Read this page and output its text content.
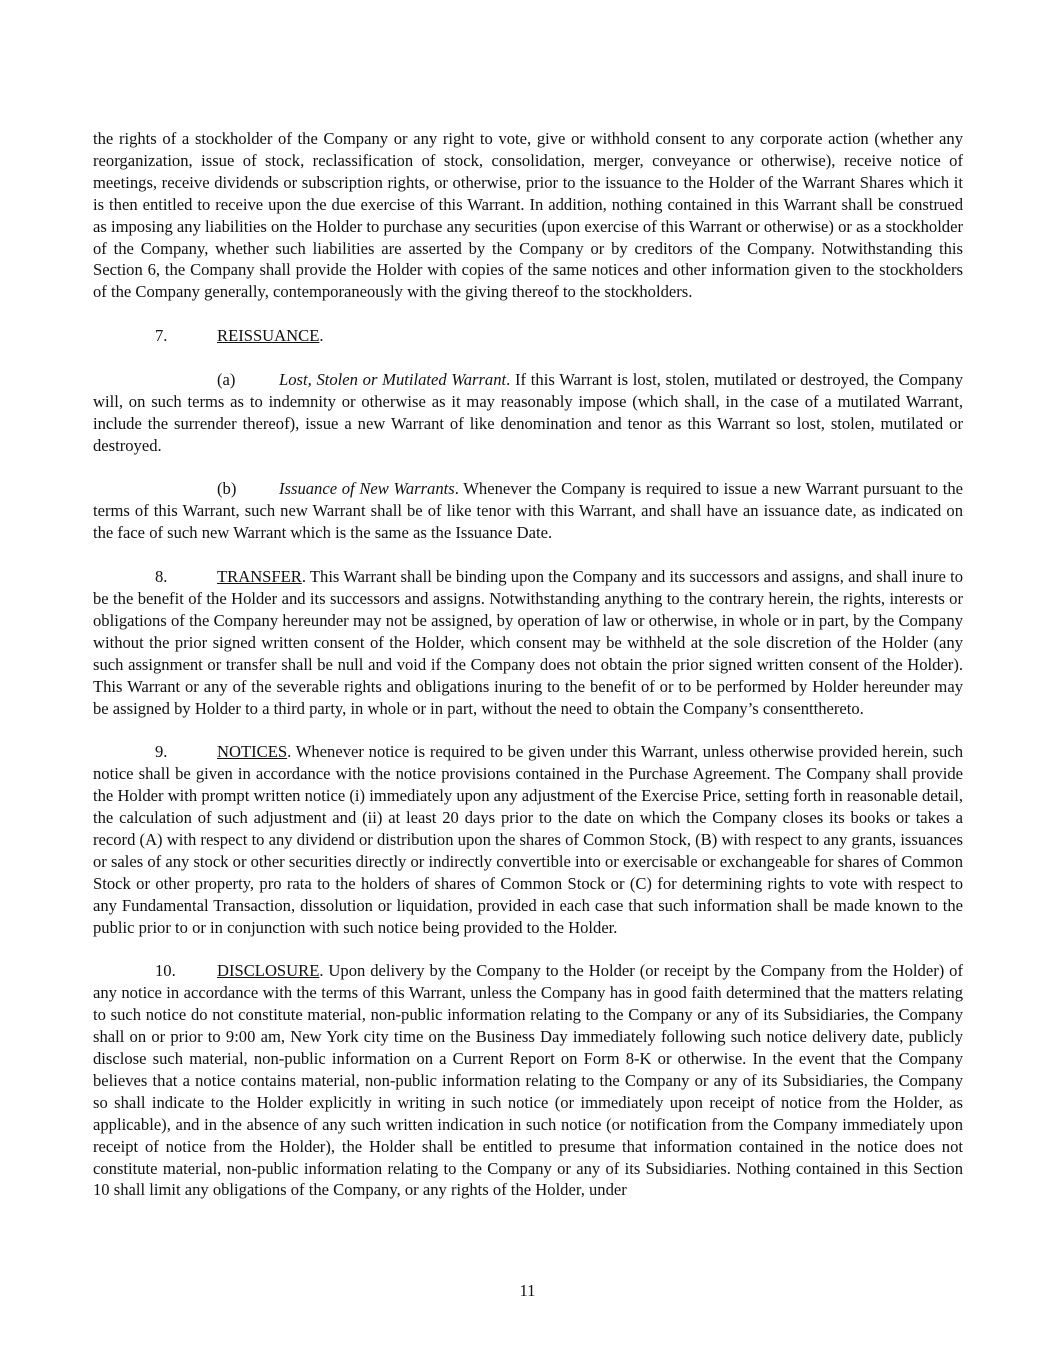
the rights of a stockholder of the Company or any right to vote, give or withhold consent to any corporate action (whether any reorganization, issue of stock, reclassification of stock, consolidation, merger, conveyance or otherwise), receive notice of meetings, receive dividends or subscription rights, or otherwise, prior to the issuance to the Holder of the Warrant Shares which it is then entitled to receive upon the due exercise of this Warrant. In addition, nothing contained in this Warrant shall be construed as imposing any liabilities on the Holder to purchase any securities (upon exercise of this Warrant or otherwise) or as a stockholder of the Company, whether such liabilities are asserted by the Company or by creditors of the Company. Notwithstanding this Section 6, the Company shall provide the Holder with copies of the same notices and other information given to the stockholders of the Company generally, contemporaneously with the giving thereof to the stockholders.

7.	REISSUANCE.

(a)	Lost, Stolen or Mutilated Warrant. If this Warrant is lost, stolen, mutilated or destroyed, the Company will, on such terms as to indemnity or otherwise as it may reasonably impose (which shall, in the case of a mutilated Warrant, include the surrender thereof), issue a new Warrant of like denomination and tenor as this Warrant so lost, stolen, mutilated or destroyed.

(b)	Issuance of New Warrants. Whenever the Company is required to issue a new Warrant pursuant to the terms of this Warrant, such new Warrant shall be of like tenor with this Warrant, and shall have an issuance date, as indicated on the face of such new Warrant which is the same as the Issuance Date.

8.	TRANSFER. This Warrant shall be binding upon the Company and its successors and assigns, and shall inure to be the benefit of the Holder and its successors and assigns. Notwithstanding anything to the contrary herein, the rights, interests or obligations of the Company hereunder may not be assigned, by operation of law or otherwise, in whole or in part, by the Company without the prior signed written consent of the Holder, which consent may be withheld at the sole discretion of the Holder (any such assignment or transfer shall be null and void if the Company does not obtain the prior signed written consent of the Holder). This Warrant or any of the severable rights and obligations inuring to the benefit of or to be performed by Holder hereunder may be assigned by Holder to a third party, in whole or in part, without the need to obtain the Company’s consentthereto.

9.	NOTICES. Whenever notice is required to be given under this Warrant, unless otherwise provided herein, such notice shall be given in accordance with the notice provisions contained in the Purchase Agreement. The Company shall provide the Holder with prompt written notice (i) immediately upon any adjustment of the Exercise Price, setting forth in reasonable detail, the calculation of such adjustment and (ii) at least 20 days prior to the date on which the Company closes its books or takes a record (A) with respect to any dividend or distribution upon the shares of Common Stock, (B) with respect to any grants, issuances or sales of any stock or other securities directly or indirectly convertible into or exercisable or exchangeable for shares of Common Stock or other property, pro rata to the holders of shares of Common Stock or (C) for determining rights to vote with respect to any Fundamental Transaction, dissolution or liquidation, provided in each case that such information shall be made known to the public prior to or in conjunction with such notice being provided to the Holder.

10. DISCLOSURE. Upon delivery by the Company to the Holder (or receipt by the Company from the Holder) of any notice in accordance with the terms of this Warrant, unless the Company has in good faith determined that the matters relating to such notice do not constitute material, non-public information relating to the Company or any of its Subsidiaries, the Company shall on or prior to 9:00 am, New York city time on the Business Day immediately following such notice delivery date, publicly disclose such material, non-public information on a Current Report on Form 8-K or otherwise. In the event that the Company believes that a notice contains material, non-public information relating to the Company or any of its Subsidiaries, the Company so shall indicate to the Holder explicitly in writing in such notice (or immediately upon receipt of notice from the Holder, as applicable), and in the absence of any such written indication in such notice (or notification from the Company immediately upon receipt of notice from the Holder), the Holder shall be entitled to presume that information contained in the notice does not constitute material, non-public information relating to the Company or any of its Subsidiaries. Nothing contained in this Section 10 shall limit any obligations of the Company, or any rights of the Holder, under

11
